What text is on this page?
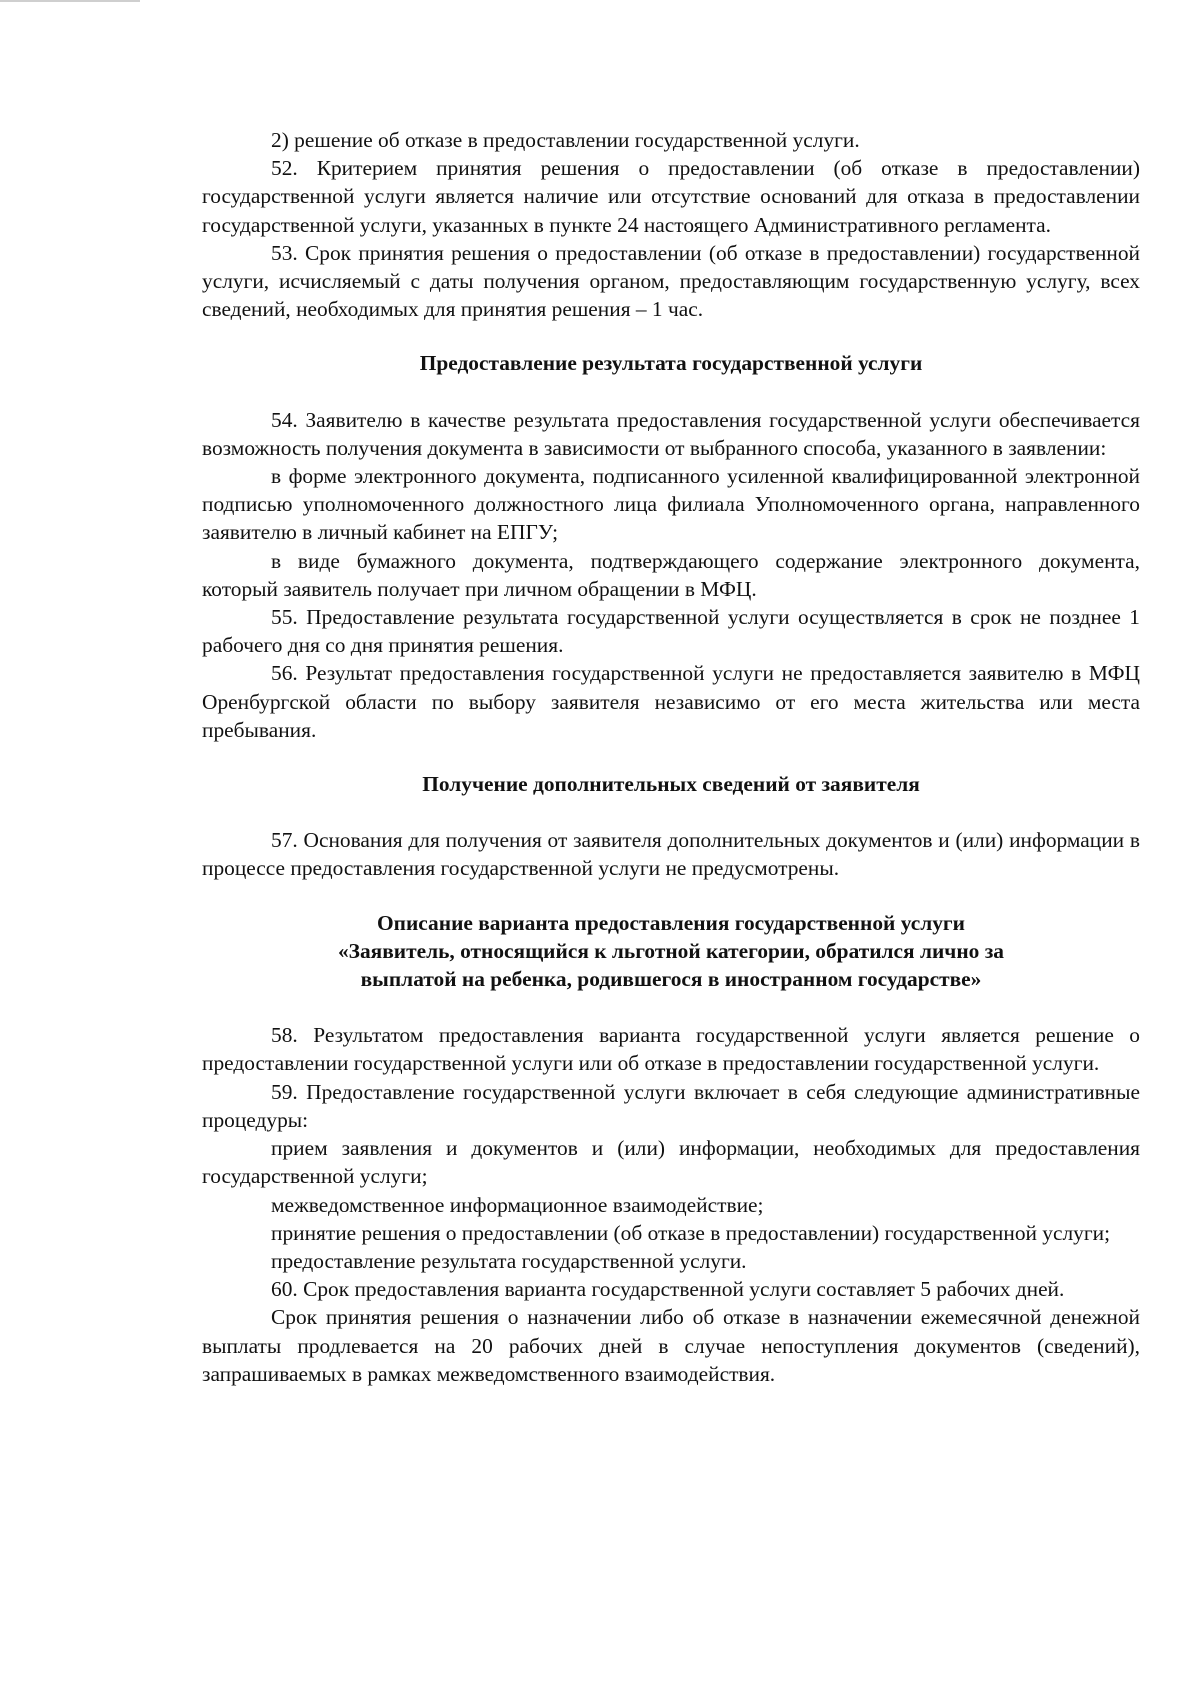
2) решение об отказе в предоставлении государственной услуги.

52. Критерием принятия решения о предоставлении (об отказе в предоставлении) государственной услуги является наличие или отсутствие оснований для отказа в предоставлении государственной услуги, указанных в пункте 24 настоящего Административного регламента.

53. Срок принятия решения о предоставлении (об отказе в предоставлении) государственной услуги, исчисляемый с даты получения органом, предоставляющим государственную услугу, всех сведений, необходимых для принятия решения – 1 час.

Предоставление результата государственной услуги

54. Заявителю в качестве результата предоставления государственной услуги обеспечивается возможность получения документа в зависимости от выбранного способа, указанного в заявлении:

в форме электронного документа, подписанного усиленной квалифицированной электронной подписью уполномоченного должностного лица филиала Уполномоченного органа, направленного заявителю в личный кабинет на ЕПГУ;

в виде бумажного документа, подтверждающего содержание электронного документа, который заявитель получает при личном обращении в МФЦ.

55. Предоставление результата государственной услуги осуществляется в срок не позднее 1 рабочего дня со дня принятия решения.

56. Результат предоставления государственной услуги не предоставляется заявителю в МФЦ Оренбургской области по выбору заявителя независимо от его места жительства или места пребывания.

Получение дополнительных сведений от заявителя

57. Основания для получения от заявителя дополнительных документов и (или) информации в процессе предоставления государственной услуги не предусмотрены.

Описание варианта предоставления государственной услуги

«Заявитель, относящийся к льготной категории, обратился лично за

выплатой на ребенка, родившегося в иностранном государстве»

58. Результатом предоставления варианта государственной услуги является решение о предоставлении государственной услуги или об отказе в предоставлении государственной услуги.

59. Предоставление государственной услуги включает в себя следующие административные процедуры:

прием заявления и документов и (или) информации, необходимых для предоставления государственной услуги;

межведомственное информационное взаимодействие;

принятие решения о предоставлении (об отказе в предоставлении) государственной услуги;

предоставление результата государственной услуги.

60. Срок предоставления варианта государственной услуги составляет 5 рабочих дней.

Срок принятия решения о назначении либо об отказе в назначении ежемесячной денежной выплаты продлевается на 20 рабочих дней в случае непоступления документов (сведений), запрашиваемых в рамках межведомственного взаимодействия.
